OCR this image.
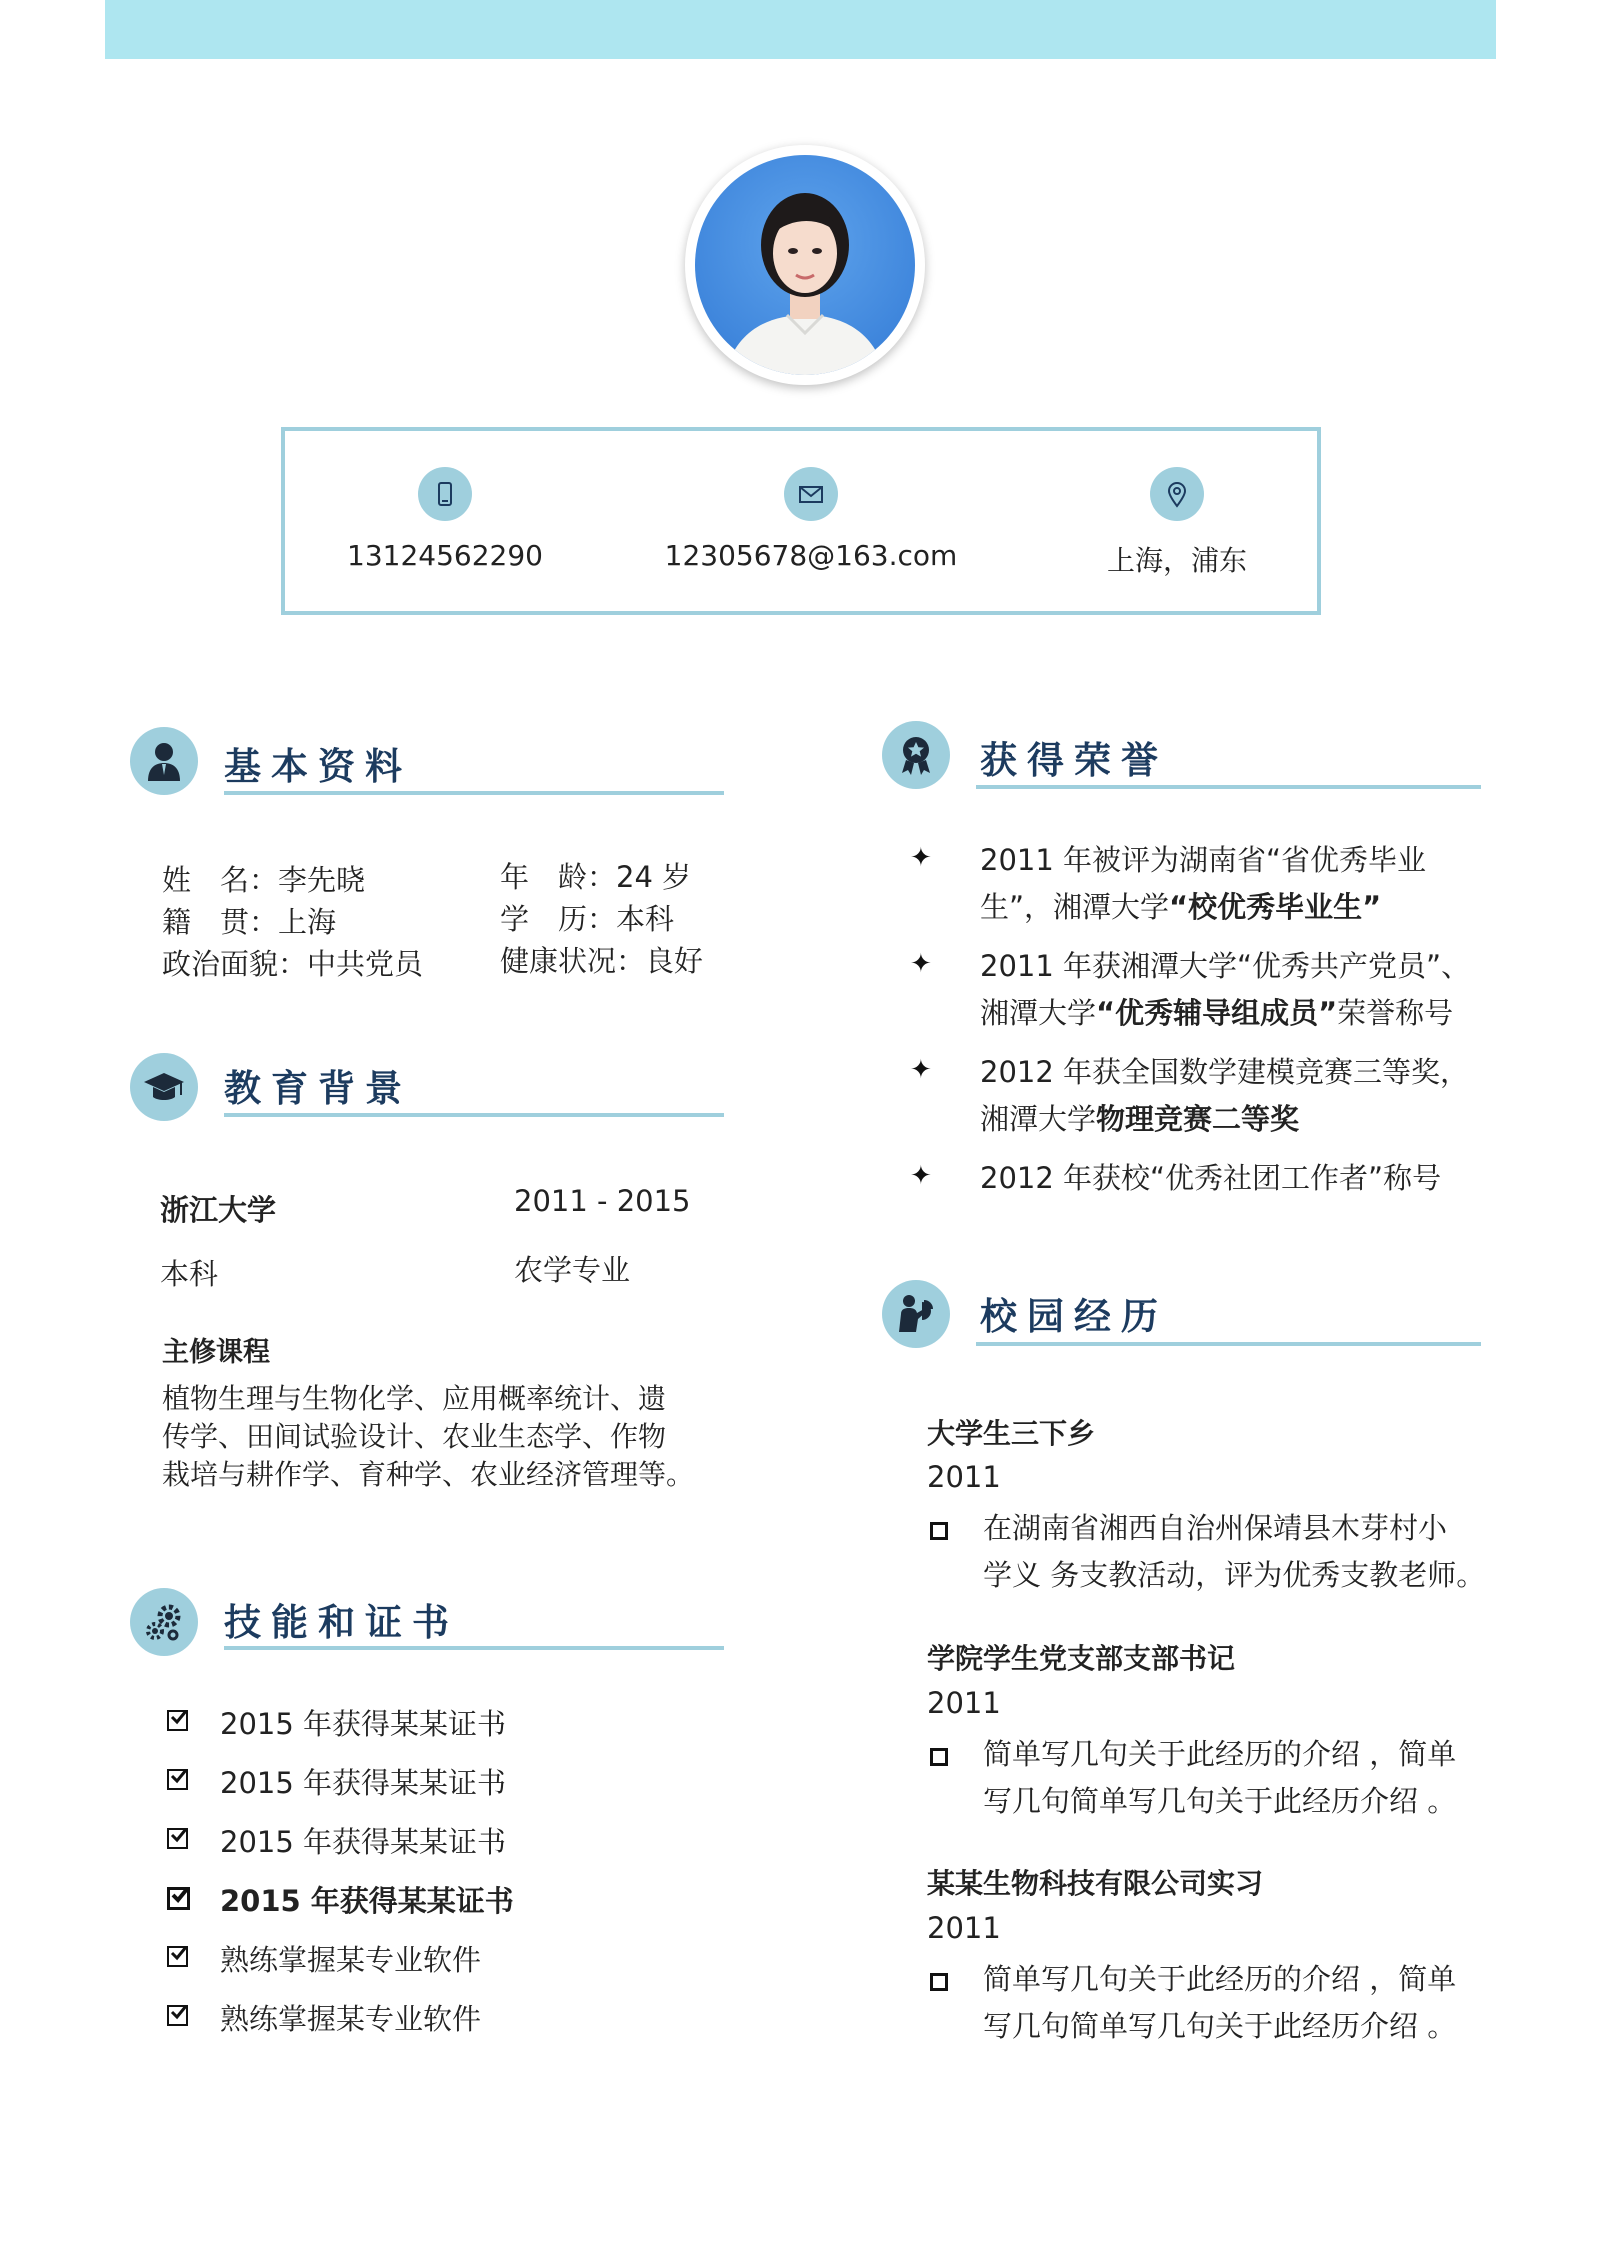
13124562290	12305678@163.com	上海，浦东
基本资料
姓　名：李先晓	年　龄：24 岁
籍　贯：上海	学　历：本科
政治面貌：中共党员	健康状况：良好
教育背景
浙江大学	2011 - 2015
本科	农学专业
主修课程
植物生理与生物化学、应用概率统计、遗
传学、田间试验设计、农业生态学、作物
栽培与耕作学、育种学、农业经济管理等。
技能和证书
2015 年获得某某证书
2015 年获得某某证书
2015 年获得某某证书
2015 年获得某某证书
熟练掌握某专业软件
熟练掌握某专业软件
获得荣誉
✦ 2011 年被评为湖南省“省优秀毕业
生”，湘潭大学“校优秀毕业生”
✦ 2011 年获湘潭大学“优秀共产党员”、
湘潭大学“优秀辅导组成员”荣誉称号
✦ 2012 年获全国数学建模竞赛三等奖，
湘潭大学物理竞赛二等奖
✦ 2012 年获校“优秀社团工作者”称号
校园经历
大学生三下乡
2011
在湖南省湘西自治州保靖县木芽村小
学义 务支教活动，评为优秀支教老师。
学院学生党支部支部书记
2011
简单写几句关于此经历的介绍 ，简单
写几句简单写几句关于此经历介绍 。
某某生物科技有限公司实习
2011
简单写几句关于此经历的介绍 ，简单
写几句简单写几句关于此经历介绍 。
